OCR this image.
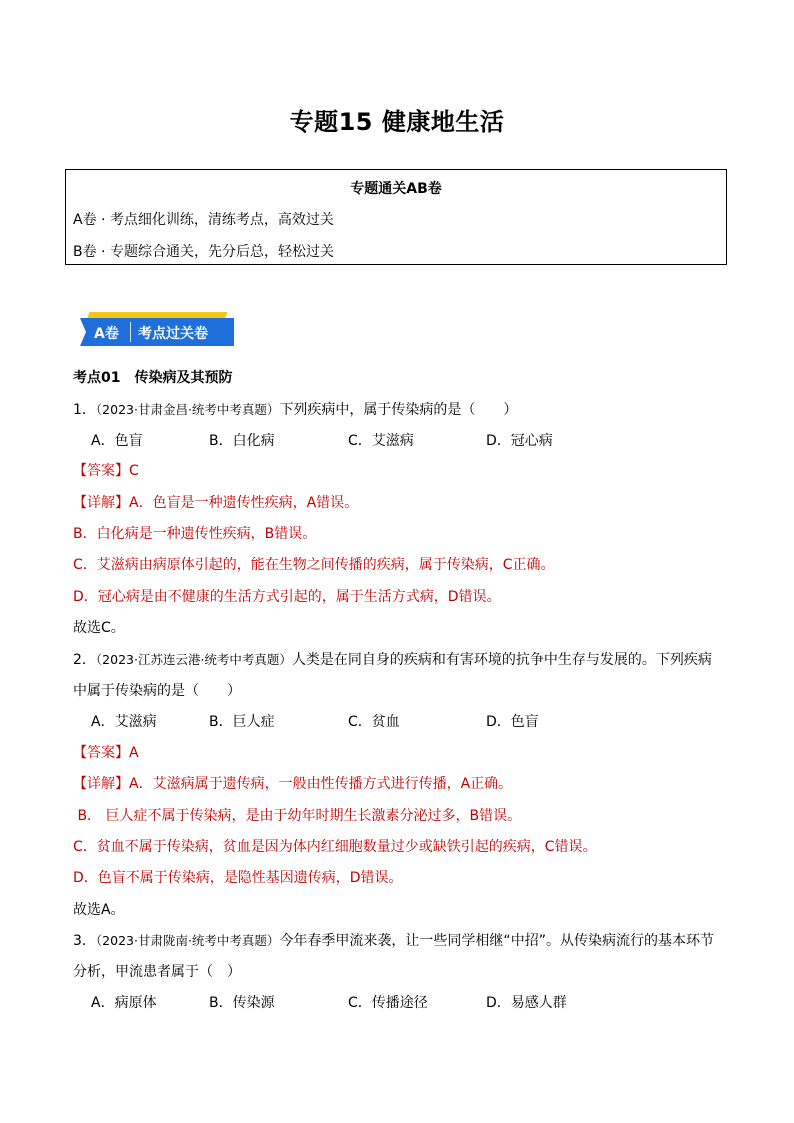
专题15 健康地生活
专题通关AB卷
A卷 · 考点细化训练，清练考点，高效过关
B卷 · 专题综合通关，先分后总，轻松过关
A卷 考点过关卷
考点01　传染病及其预防
1．（2023·甘肃金昌·统考中考真题）下列疾病中，属于传染病的是（　　）
A．色盲	B．白化病	C．艾滋病	D．冠心病
【答案】C
【详解】A．色盲是一种遗传性疾病，A错误。
B．白化病是一种遗传性疾病，B错误。
C．艾滋病由病原体引起的，能在生物之间传播的疾病，属于传染病，C正确。
D．冠心病是由不健康的生活方式引起的，属于生活方式病，D错误。
故选C。
2．（2023·江苏连云港·统考中考真题）人类是在同自身的疾病和有害环境的抗争中生存与发展的。下列疾病
中属于传染病的是（　　）
A．艾滋病	B．巨人症	C．贫血	D．色盲
【答案】A
【详解】A．艾滋病属于遗传病，一般由性传播方式进行传播，A正确。
B． 巨人症不属于传染病，是由于幼年时期生长激素分泌过多，B错误。
C．贫血不属于传染病，贫血是因为体内红细胞数量过少或缺铁引起的疾病，C错误。
D．色盲不属于传染病，是隐性基因遗传病，D错误。
故选A。
3．（2023·甘肃陇南·统考中考真题）今年春季甲流来袭，让一些同学相继“中招”。从传染病流行的基本环节
分析，甲流患者属于（　）
A．病原体	B．传染源	C．传播途径	D．易感人群
